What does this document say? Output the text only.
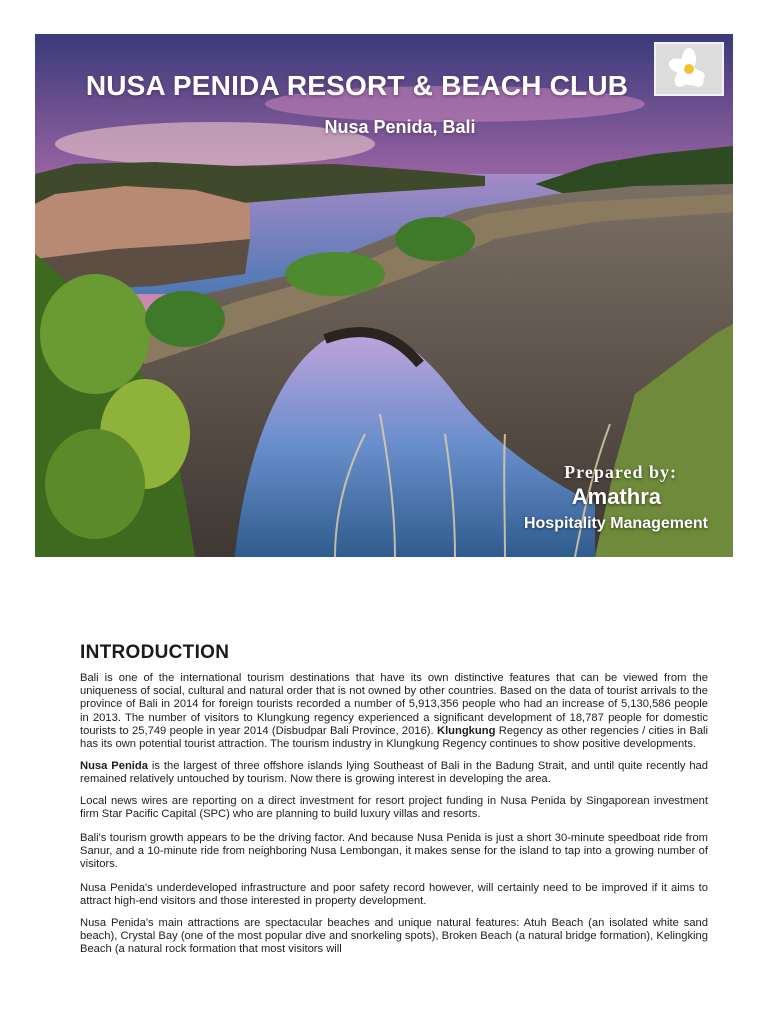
NUSA PENIDA RESORT & BEACH CLUB
Nusa Penida, Bali
Prepared by:
Amathra
Hospitality Management
INTRODUCTION

Bali is one of the international tourism destinations that have its own distinctive features that can be viewed from the uniqueness of social, cultural and natural order that is not owned by other countries. Based on the data of tourist arrivals to the province of Bali in 2014 for foreign tourists recorded a number of 5,913,356 people who had an increase of 5,130,586 people in 2013. The number of visitors to Klungkung regency experienced a significant development of 18,787 people for domestic tourists to 25,749 people in year 2014 (Disbudpar Bali Province, 2016). Klungkung Regency as other regencies / cities in Bali has its own potential tourist attraction. The tourism industry in Klungkung Regency continues to show positive developments.

Nusa Penida is the largest of three offshore islands lying Southeast of Bali in the Badung Strait, and until quite recently had remained relatively untouched by tourism. Now there is growing interest in developing the area.

Local news wires are reporting on a direct investment for resort project funding in Nusa Penida by Singaporean investment firm Star Pacific Capital (SPC) who are planning to build luxury villas and resorts.

Bali's tourism growth appears to be the driving factor. And because Nusa Penida is just a short 30-minute speedboat ride from Sanur, and a 10-minute ride from neighboring Nusa Lembongan, it makes sense for the island to tap into a growing number of visitors.

Nusa Penida's underdeveloped infrastructure and poor safety record however, will certainly need to be improved if it aims to attract high-end visitors and those interested in property development.

Nusa Penida's main attractions are spectacular beaches and unique natural features: Atuh Beach (an isolated white sand beach), Crystal Bay (one of the most popular dive and snorkeling spots), Broken Beach (a natural bridge formation), Kelingking Beach (a natural rock formation that most visitors will
